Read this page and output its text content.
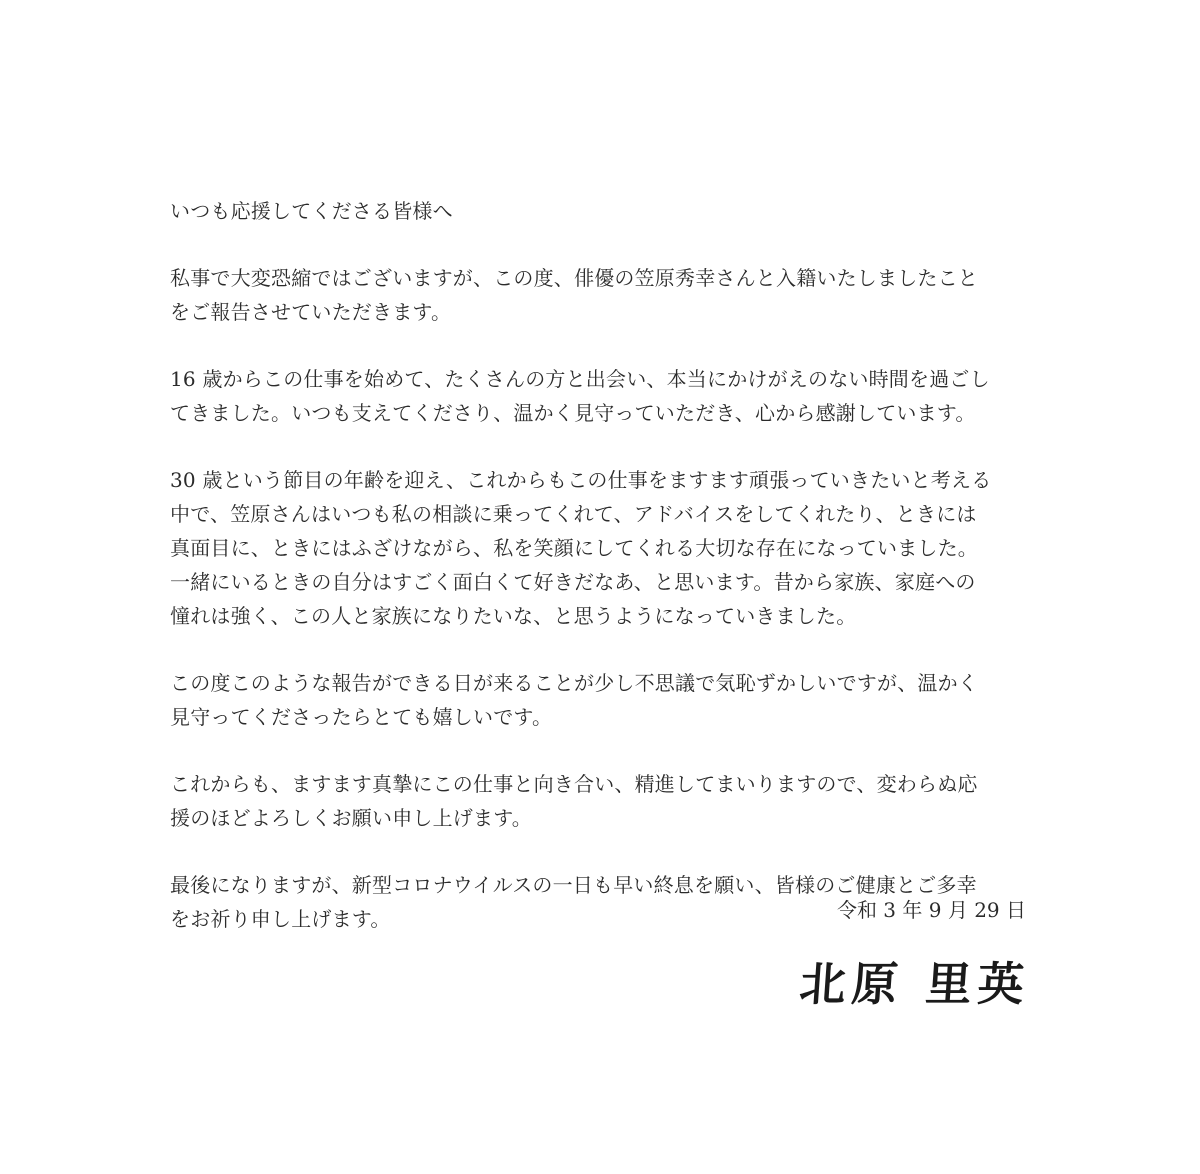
いつも応援してくださる皆様へ
私事で大変恐縮ではございますが、この度、俳優の笠原秀幸さんと入籍いたしましたこと
をご報告させていただきます。
16 歳からこの仕事を始めて、たくさんの方と出会い、本当にかけがえのない時間を過ごし
てきました。いつも支えてくださり、温かく見守っていただき、心から感謝しています。
30 歳という節目の年齢を迎え、これからもこの仕事をますます頑張っていきたいと考える
中で、笠原さんはいつも私の相談に乗ってくれて、アドバイスをしてくれたり、ときには
真面目に、ときにはふざけながら、私を笑顔にしてくれる大切な存在になっていました。
一緒にいるときの自分はすごく面白くて好きだなあ、と思います。昔から家族、家庭への
憧れは強く、この人と家族になりたいな、と思うようになっていきました。
この度このような報告ができる日が来ることが少し不思議で気恥ずかしいですが、温かく
見守ってくださったらとても嬉しいです。
これからも、ますます真摯にこの仕事と向き合い、精進してまいりますので、変わらぬ応
援のほどよろしくお願い申し上げます。
最後になりますが、新型コロナウイルスの一日も早い終息を願い、皆様のご健康とご多幸
をお祈り申し上げます。	令和 3 年 9 月 29 日
北原 里英
